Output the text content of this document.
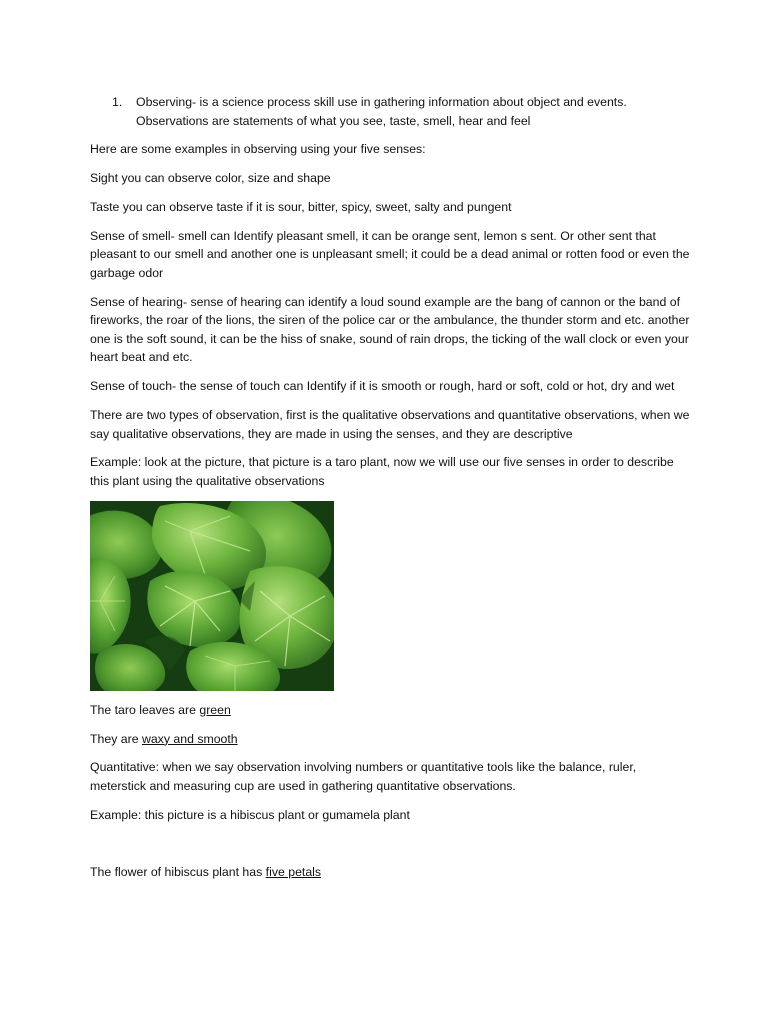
1.	Observing- is a science process skill use in gathering information about object and events. Observations are statements of what you see, taste, smell, hear and feel

Here are some examples in observing using your five senses:

Sight you can observe color, size and shape

Taste you can observe taste if it is sour, bitter, spicy, sweet, salty and pungent

Sense of smell- smell can Identify pleasant smell, it can be orange sent, lemon s sent. Or other sent that pleasant to our smell and another one is unpleasant smell; it could be a dead animal or rotten food or even the garbage odor

Sense of hearing- sense of hearing can identify a loud sound example are the bang of cannon or the band of fireworks, the roar of the lions, the siren of the police car or the ambulance, the thunder storm and etc. another one is the soft sound, it can be the hiss of snake, sound of rain drops, the ticking of the wall clock or even your heart beat and etc.

Sense of touch- the sense of touch can Identify if it is smooth or rough, hard or soft, cold or hot, dry and wet

There are two types of observation, first is the qualitative observations and quantitative observations, when we say qualitative observations, they are made in using the senses, and they are descriptive

Example: look at the picture, that picture is a taro plant, now we will use our five senses in order to describe this plant using the qualitative observations

The taro leaves are green

They are waxy and smooth

Quantitative: when we say observation involving numbers or quantitative tools like the balance, ruler, meterstick and measuring cup are used in gathering quantitative observations.

Example: this picture is a hibiscus plant or gumamela plant

The flower of hibiscus plant has five petals
